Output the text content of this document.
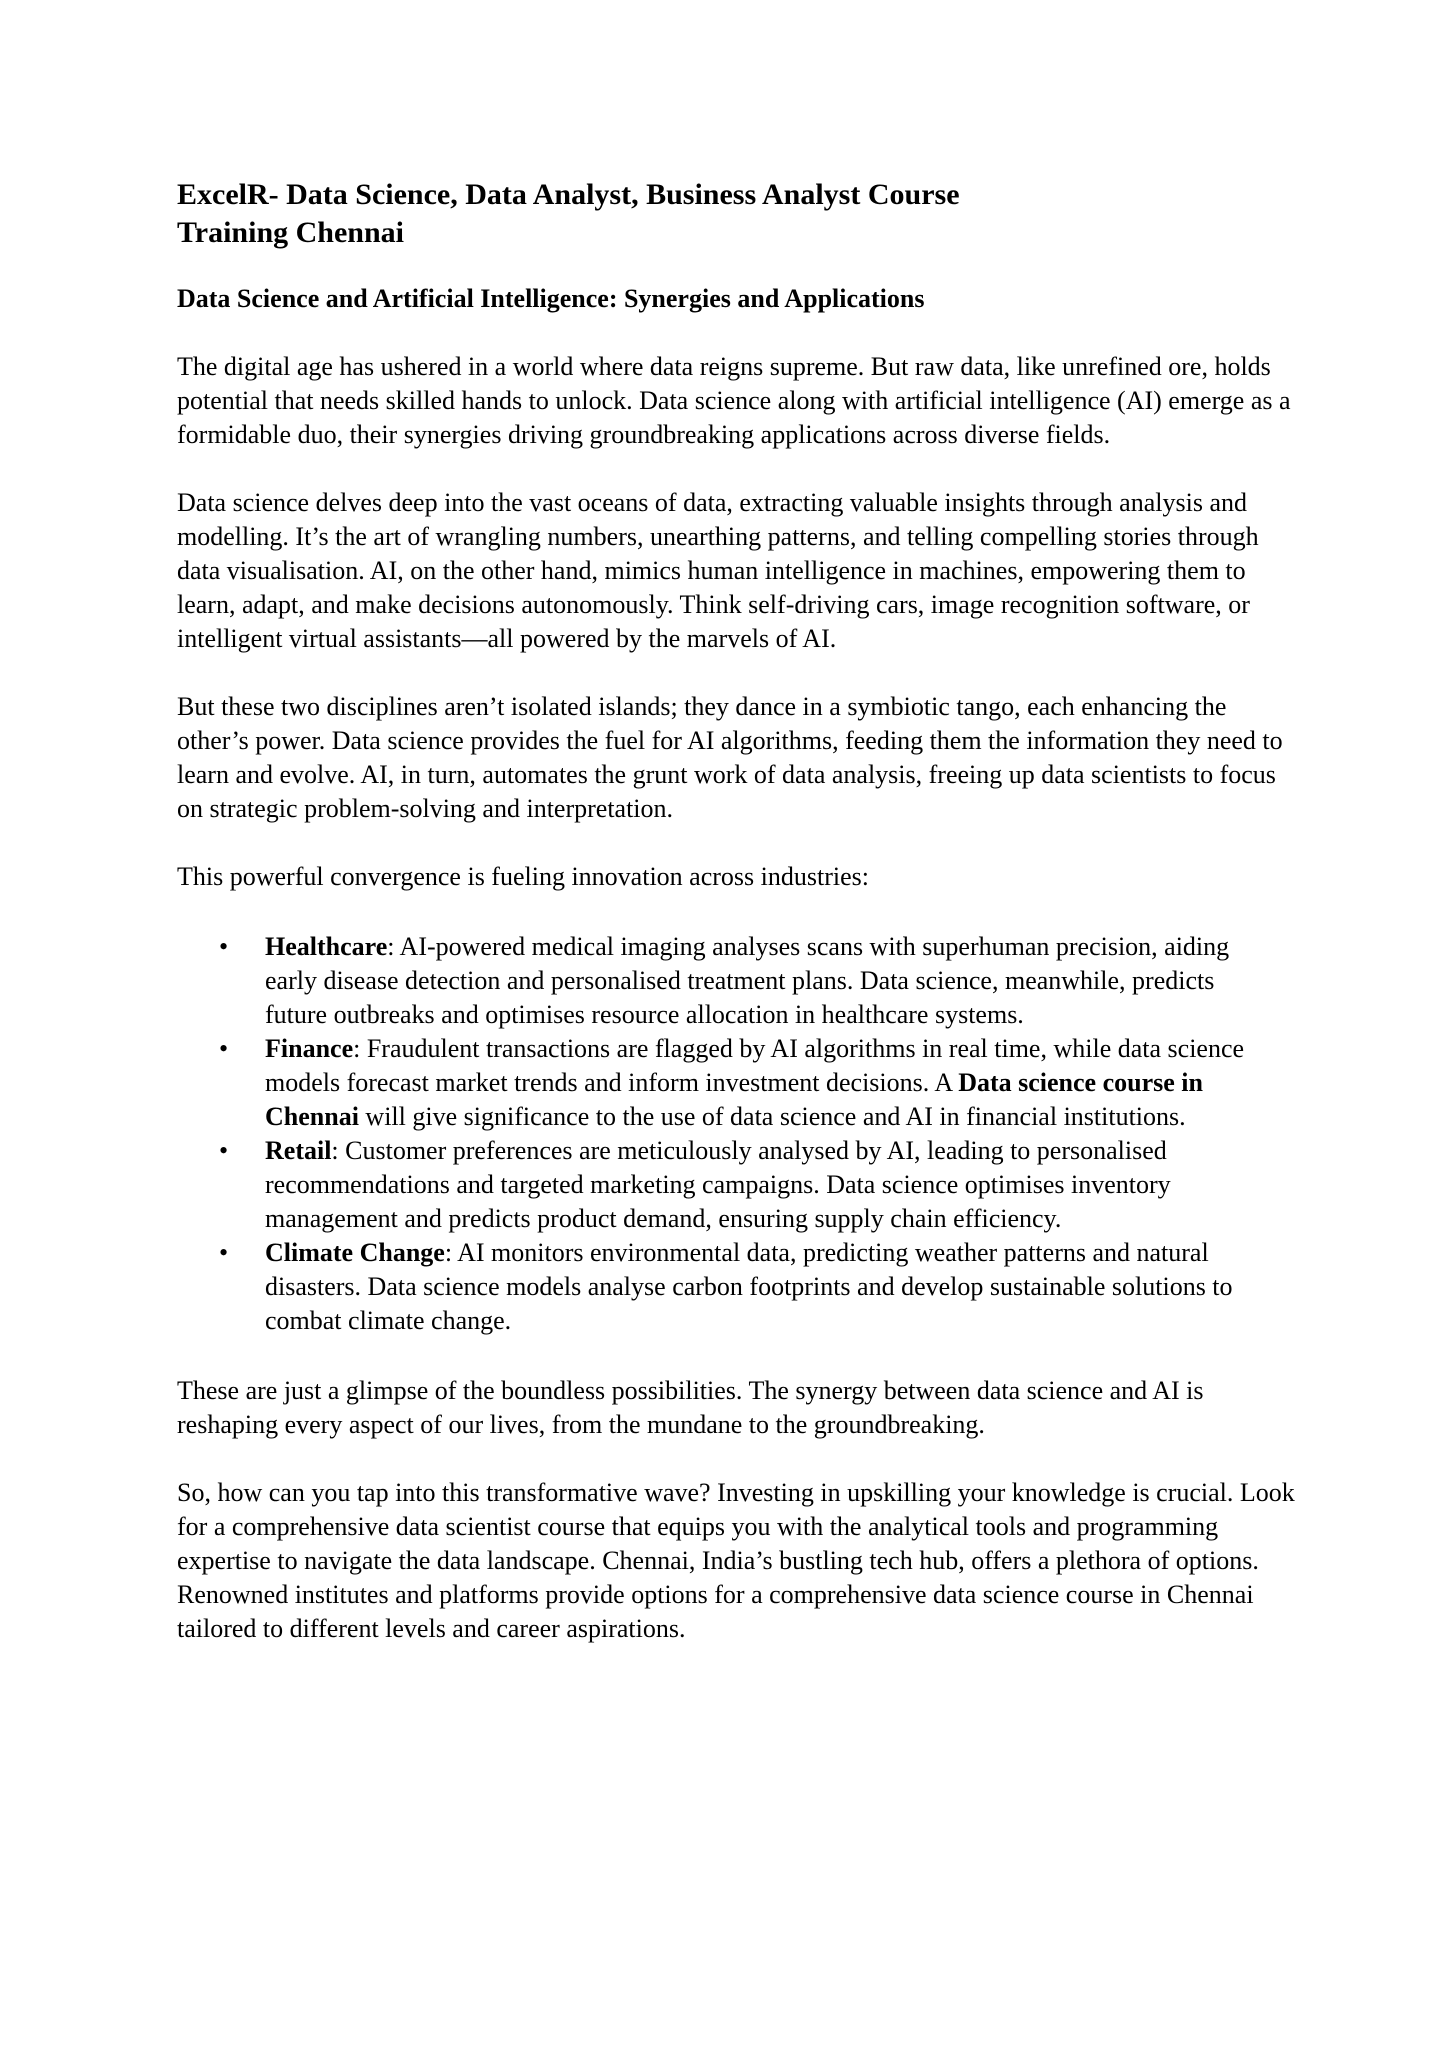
ExcelR- Data Science, Data Analyst, Business Analyst Course
Training Chennai
Data Science and Artificial Intelligence: Synergies and Applications

The digital age has ushered in a world where data reigns supreme. But raw data, like unrefined ore, holds potential that needs skilled hands to unlock. Data science along with artificial intelligence (AI) emerge as a formidable duo, their synergies driving groundbreaking applications across diverse fields.

Data science delves deep into the vast oceans of data, extracting valuable insights through analysis and modelling. It’s the art of wrangling numbers, unearthing patterns, and telling compelling stories through data visualisation. AI, on the other hand, mimics human intelligence in machines, empowering them to learn, adapt, and make decisions autonomously. Think self-driving cars, image recognition software, or intelligent virtual assistants—all powered by the marvels of AI.

But these two disciplines aren’t isolated islands; they dance in a symbiotic tango, each enhancing the other’s power. Data science provides the fuel for AI algorithms, feeding them the information they need to learn and evolve. AI, in turn, automates the grunt work of data analysis, freeing up data scientists to focus on strategic problem-solving and interpretation.

This powerful convergence is fueling innovation across industries:

• Healthcare: AI-powered medical imaging analyses scans with superhuman precision, aiding early disease detection and personalised treatment plans. Data science, meanwhile, predicts future outbreaks and optimises resource allocation in healthcare systems.
• Finance: Fraudulent transactions are flagged by AI algorithms in real time, while data science models forecast market trends and inform investment decisions. A Data science course in Chennai will give significance to the use of data science and AI in financial institutions.
• Retail: Customer preferences are meticulously analysed by AI, leading to personalised recommendations and targeted marketing campaigns. Data science optimises inventory management and predicts product demand, ensuring supply chain efficiency.
• Climate Change: AI monitors environmental data, predicting weather patterns and natural disasters. Data science models analyse carbon footprints and develop sustainable solutions to combat climate change.

These are just a glimpse of the boundless possibilities. The synergy between data science and AI is reshaping every aspect of our lives, from the mundane to the groundbreaking.

So, how can you tap into this transformative wave? Investing in upskilling your knowledge is crucial. Look for a comprehensive data scientist course that equips you with the analytical tools and programming expertise to navigate the data landscape. Chennai, India’s bustling tech hub, offers a plethora of options. Renowned institutes and platforms provide options for a comprehensive data science course in Chennai tailored to different levels and career aspirations.
